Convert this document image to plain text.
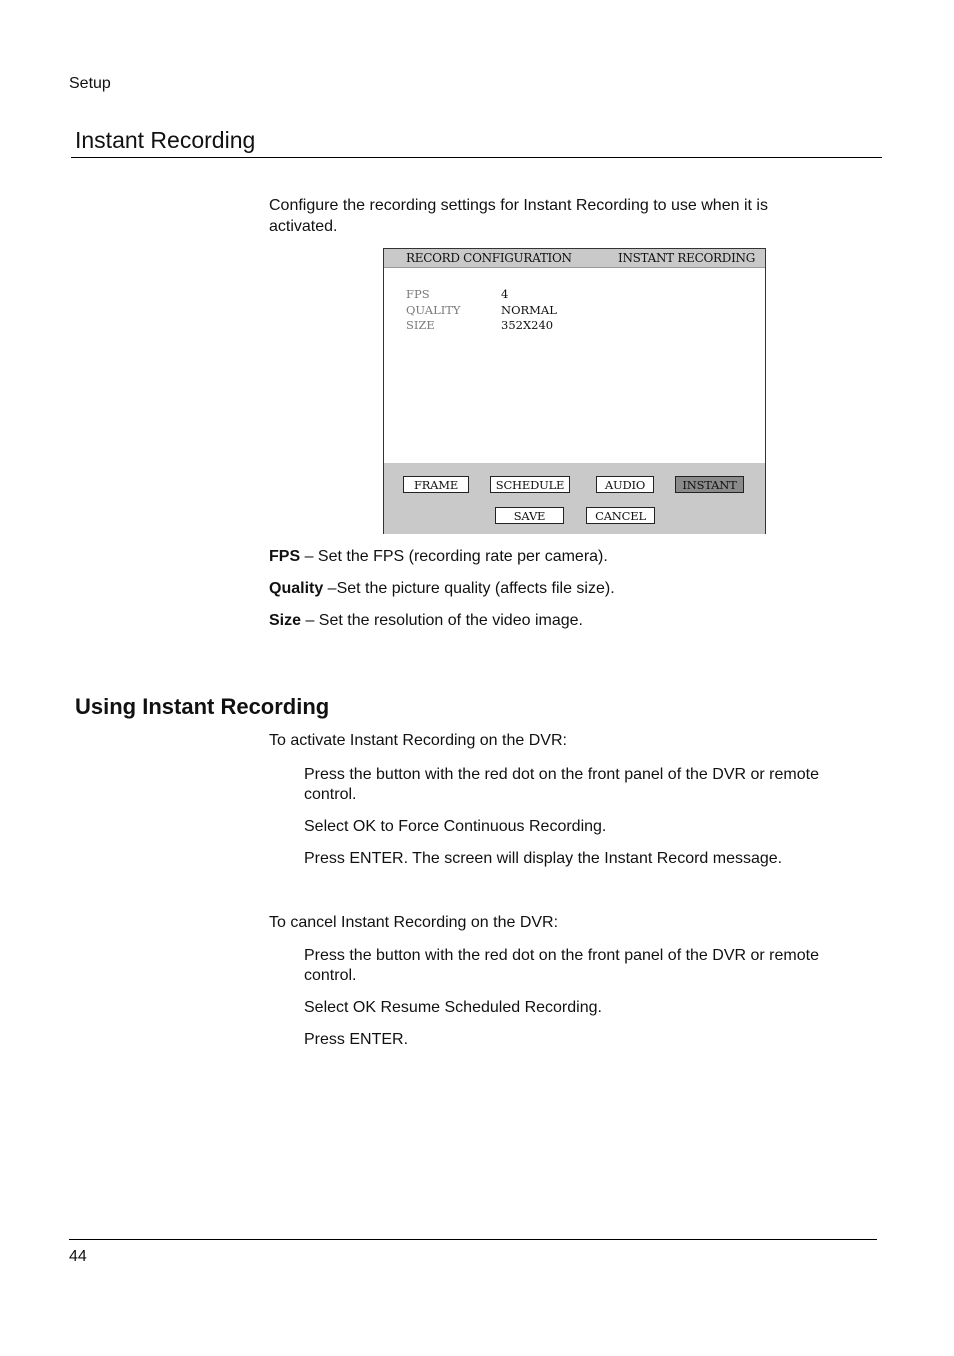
Setup
Instant Recording
Configure the recording settings for Instant Recording to use when it is activated.
RECORD CONFIGURATION	INSTANT RECORDING
FPS	4
QUALITY	NORMAL
SIZE	352X240
FRAME	SCHEDULE	AUDIO	INSTANT
SAVE	CANCEL
FPS – Set the FPS (recording rate per camera).
Quality –Set the picture quality (affects file size).
Size – Set the resolution of the video image.
Using Instant Recording
To activate Instant Recording on the DVR:
Press the button with the red dot on the front panel of the DVR or remote control.
Select OK to Force Continuous Recording.
Press ENTER. The screen will display the Instant Record message.
To cancel Instant Recording on the DVR:
Press the button with the red dot on the front panel of the DVR or remote control.
Select OK Resume Scheduled Recording.
Press ENTER.
44
